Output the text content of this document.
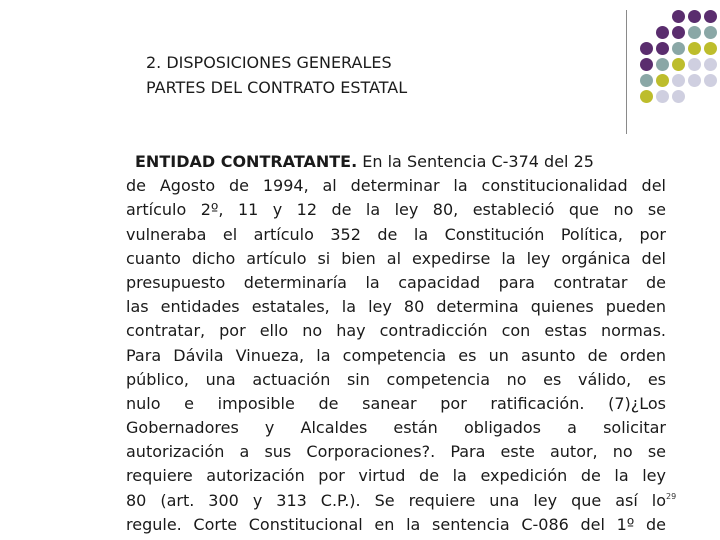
2. DISPOSICIONES GENERALES
PARTES DEL CONTRATO ESTATAL
ENTIDAD CONTRATANTE. En la Sentencia C-374 del 25
de Agosto de 1994, al determinar la constitucionalidad del
artículo 2º, 11 y 12 de la ley 80, estableció que no se
vulneraba el artículo 352 de la Constitución Política, por
cuanto dicho artículo si bien al expedirse la ley orgánica del
presupuesto determinaría la capacidad para contratar de
las entidades estatales, la ley 80 determina quienes pueden
contratar, por ello no hay contradicción con estas normas.
Para Dávila Vinueza, la competencia es un asunto de orden
público, una actuación sin competencia no es válido, es
nulo e imposible de sanear por ratificación. (7)¿Los
Gobernadores y Alcaldes están obligados a solicitar
autorización a sus Corporaciones?. Para este autor, no se
requiere autorización por virtud de la expedición de la ley
80 (art. 300 y 313 C.P.). Se requiere una ley que así lo
regule. Corte Constitucional en la sentencia C-086 del 1º de
29
